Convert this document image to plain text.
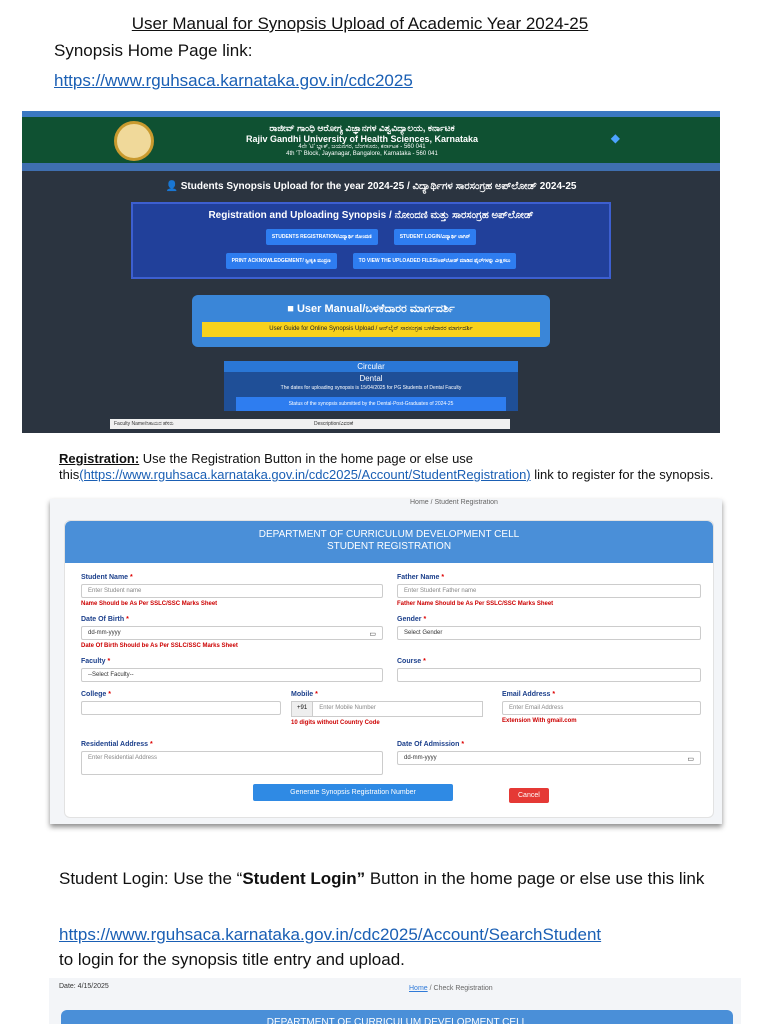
User Manual for Synopsis Upload of Academic Year 2024-25
Synopsis Home Page link:
https://www.rguhsaca.karnataka.gov.in/cdc2025
ರಾಜೀವ್ ಗಾಂಧಿ ಆರೋಗ್ಯ ವಿಜ್ಞಾನಗಳ ವಿಶ್ವವಿದ್ಯಾಲಯ, ಕರ್ನಾಟಕ
Rajiv Gandhi University of Health Sciences, Karnataka
4ನೇ 'ಟಿ' ಬ್ಲಾಕ್, ಜಯನಗರ, ಬೆಂಗಳೂರು, ಕರ್ನಾಟಕ - 560 041
4th 'T' Block, Jayanagar, Bangalore, Karnataka - 560 041
◆
👤 Students Synopsis Upload for the year 2024-25 / ವಿದ್ಯಾರ್ಥಿಗಳ ಸಾರಸಂಗ್ರಹ ಅಪ್‌ಲೋಡ್ 2024-25
Registration and Uploading Synopsis / ನೋಂದಣಿ ಮತ್ತು ಸಾರಸಂಗ್ರಹ ಅಪ್‌ಲೋಡ್
STUDENTS REGISTRATION/ವಿದ್ಯಾರ್ಥಿ ನೋಂದಣಿ	STUDENT LOGIN/ವಿದ್ಯಾರ್ಥಿ ಲಾಗಿನ್
PRINT ACKNOWLEDGEMENT/ ಸ್ವೀಕೃತಿ ಮುದ್ರಣ	TO VIEW THE UPLOADED FILES/ಅಪ್‌ಲೋಡ್ ಮಾಡಿದ ಫೈಲ್‌ಗಳನ್ನು ವೀಕ್ಷಿಸಲು
■ User Manual/ಬಳಕೆದಾರರ ಮಾರ್ಗದರ್ಶಿ
User Guide for Online Synopsis Upload / ಆನ್‌ಲೈನ್ ಸಾರಸಂಗ್ರಹ ಬಳಕೆದಾರರ ಮಾರ್ಗದರ್ಶಿ
Circular
Dental
The dates for uploading synopsis is 15/04/2025 for PG Students of Dental Faculty
Status of the synopsis submitted by the Dental-Post-Graduates of 2024-25
Faculty Name/ನಿಕಾಯದ ಹೆಸರು	Description/ವಿವರಣೆ
Registration: Use the Registration Button in the home page or else use this(https://www.rguhsaca.karnataka.gov.in/cdc2025/Account/StudentRegistration) link to register for the synopsis.
Home / Student Registration
DEPARTMENT OF CURRICULUM DEVELOPMENT CELL
STUDENT REGISTRATION
Student Name *
Enter Student name
Name Should be As Per SSLC/SSC Marks Sheet
Father Name *
Enter Student Father name
Father Name Should be As Per SSLC/SSC Marks Sheet
Date Of Birth *
dd-mm-yyyy	▭
Date Of Birth Should be As Per SSLC/SSC Marks Sheet
Gender *
Select Gender
Faculty *
--Select Faculty--
Course *
College *	Mobile *
+91	Enter Mobile Number
10 digits without Country Code
Email Address *
Enter Email Address
Extension With gmail.com
Residential Address *
Enter Residential Address
Date Of Admission *
dd-mm-yyyy	▭
Generate Synopsis Registration Number	Cancel
Student Login: Use the “Student Login” Button in the home page or else use this link
https://www.rguhsaca.karnataka.gov.in/cdc2025/Account/SearchStudent
to login for the synopsis title entry and upload.
Date: 4/15/2025	Home / Check Registration
DEPARTMENT OF CURRICULUM DEVELOPMENT CELL
